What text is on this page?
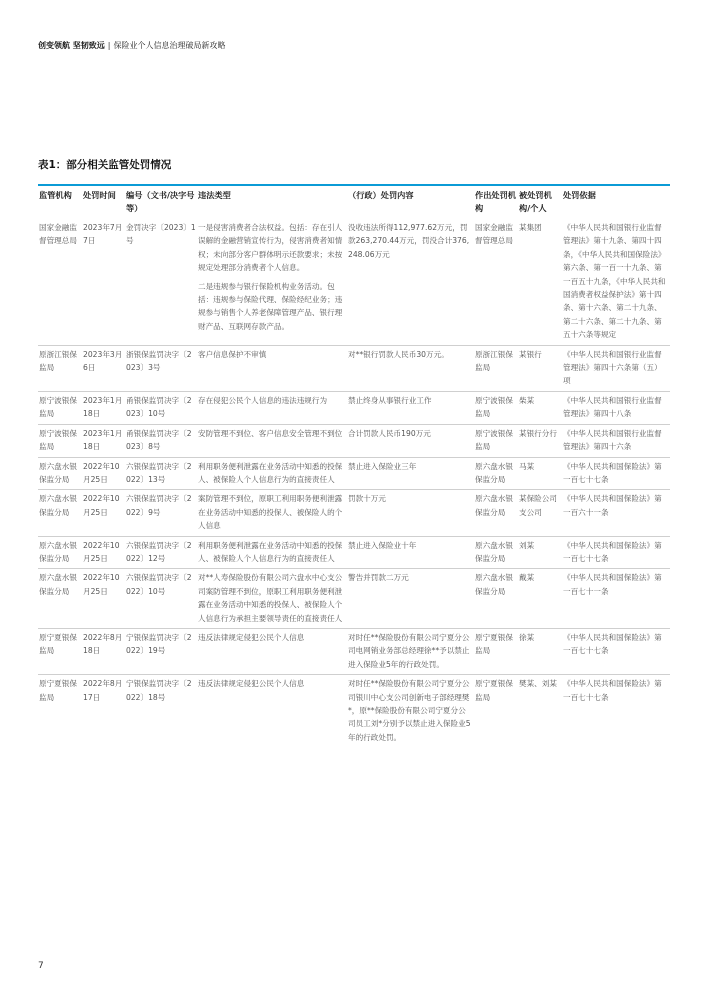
创变领航 坚韧致远 | 保险业个人信息治理破局新攻略
表1：部分相关监管处罚情况
监管机构	处罚时间	编号（文书/决字号等）	违法类型	（行政）处罚内容	作出处罚机构	被处罚机构/个人	处罚依据
国家金融监督管理总局	2023年7月7日	金罚决字〔2023〕1号	一是侵害消费者合法权益。包括：存在引人误解的金融营销宣传行为，侵害消费者知情权；未向部分客户群体明示还款要求；未按规定处理部分消费者个人信息。

二是违规参与银行保险机构业务活动。包括：违规参与保险代理、保险经纪业务；违规参与销售个人养老保障管理产品、银行理财产品、互联网存款产品。	没收违法所得112,977.62万元，罚款263,270.44万元，罚没合计376,248.06万元	国家金融监督管理总局	某集团	《中华人民共和国银行业监督管理法》第十九条、第四十四条，《中华人民共和国保险法》第六条、第一百一十九条、第一百五十九条，《中华人民共和国消费者权益保护法》第十四条、第十六条、第二十九条、第二十六条、第二十九条、第五十六条等规定
原浙江银保监局	2023年3月6日	浙银保监罚决字〔2023〕3号	客户信息保护不审慎	对**银行罚款人民币30万元。	原浙江银保监局	某银行	《中华人民共和国银行业监督管理法》第四十六条第（五）项
原宁波银保监局	2023年1月18日	甬银保监罚决字〔2023〕10号	存在侵犯公民个人信息的违法违规行为	禁止终身从事银行业工作	原宁波银保监局	柴某	《中华人民共和国银行业监督管理法》第四十八条
原宁波银保监局	2023年1月18日	甬银保监罚决字〔2023〕8号	安防管理不到位、客户信息安全管理不到位	合计罚款人民币190万元	原宁波银保监局	某银行分行	《中华人民共和国银行业监督管理法》第四十六条
原六盘水银保监分局	2022年10月25日	六银保监罚决字〔2022〕13号	利用职务便利泄露在业务活动中知悉的投保人、被保险人个人信息行为的直接责任人	禁止进入保险业三年	原六盘水银保监分局	马某	《中华人民共和国保险法》第一百七十七条
原六盘水银保监分局	2022年10月25日	六银保监罚决字〔2022〕9号	案防管理不到位，原职工利用职务便利泄露在业务活动中知悉的投保人、被保险人的个人信息	罚款十万元	原六盘水银保监分局	某保险公司支公司	《中华人民共和国保险法》第一百六十一条
原六盘水银保监分局	2022年10月25日	六银保监罚决字〔2022〕12号	利用职务便利泄露在业务活动中知悉的投保人、被保险人个人信息行为的直接责任人	禁止进入保险业十年	原六盘水银保监分局	刘某	《中华人民共和国保险法》第一百七十七条
原六盘水银保监分局	2022年10月25日	六银保监罚决字〔2022〕10号	对**人寿保险股份有限公司六盘水中心支公司案防管理不到位，原职工利用职务便利泄露在业务活动中知悉的投保人、被保险人个人信息行为承担主要领导责任的直接责任人	警告并罚款二万元	原六盘水银保监分局	戴某	《中华人民共和国保险法》第一百七十一条
原宁夏银保监局	2022年8月18日	宁银保监罚决字〔2022〕19号	违反法律规定侵犯公民个人信息	对时任**保险股份有限公司宁夏分公司电网销业务部总经理徐**予以禁止进入保险业5年的行政处罚。	原宁夏银保监局	徐某	《中华人民共和国保险法》第一百七十七条
原宁夏银保监局	2022年8月17日	宁银保监罚决字〔2022〕18号	违反法律规定侵犯公民个人信息	对时任**保险股份有限公司宁夏分公司银川中心支公司创新电子部经理樊*，原**保险股份有限公司宁夏分公司员工刘*分别予以禁止进入保险业5年的行政处罚。	原宁夏银保监局	樊某、刘某	《中华人民共和国保险法》第一百七十七条
7
